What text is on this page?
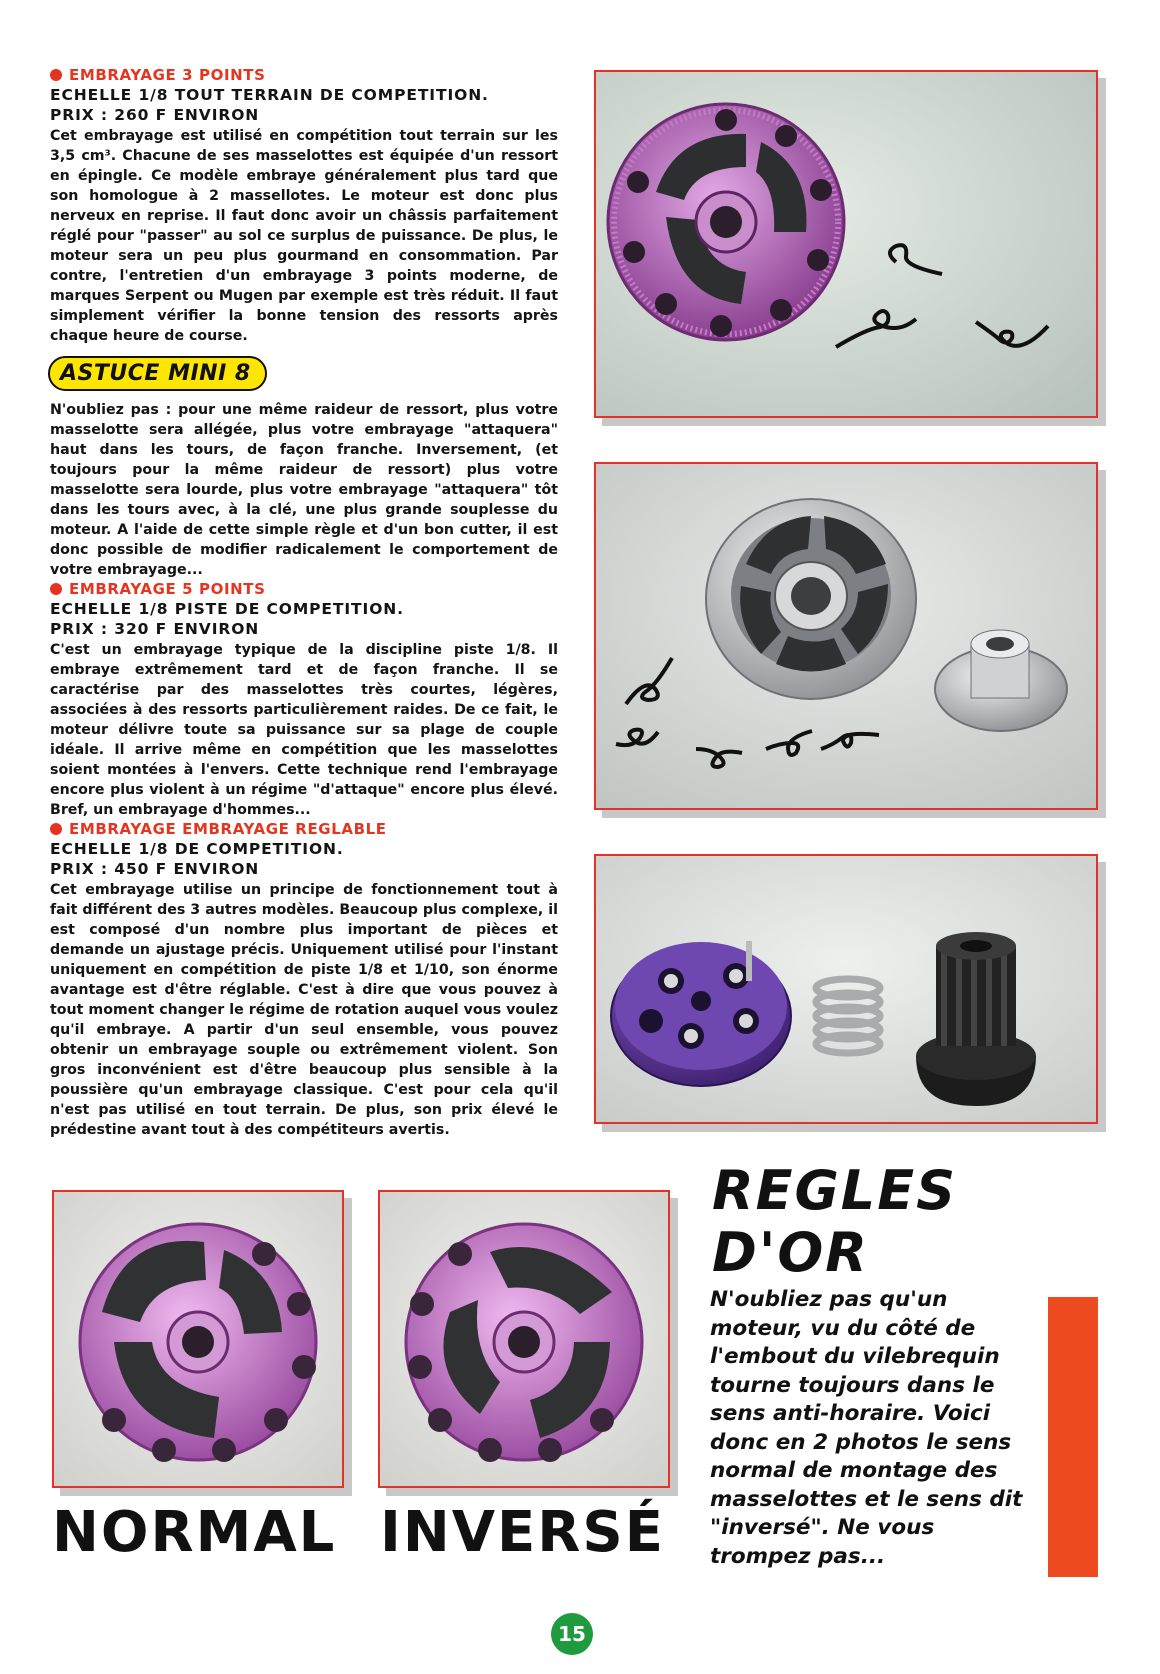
EMBRAYAGE 3 POINTS

ECHELLE 1/8 TOUT TERRAIN DE COMPETITION.

PRIX : 260 F ENVIRON

Cet embrayage est utilisé en compétition tout terrain sur les 3,5 cm³. Chacune de ses masselottes est équipée d'un ressort en épingle. Ce modèle embraye généralement plus tard que son homologue à 2 massellotes. Le moteur est donc plus nerveux en reprise. Il faut donc avoir un châssis parfaitement réglé pour "passer" au sol ce surplus de puissance. De plus, le moteur sera un peu plus gourmand en consommation. Par contre, l'entretien d'un embrayage 3 points moderne, de marques Serpent ou Mugen par exemple est très réduit. Il faut simplement vérifier la bonne tension des ressorts après chaque heure de course.

ASTUCE MINI 8

N'oubliez pas : pour une même raideur de ressort, plus votre masselotte sera allégée, plus votre embrayage "attaquera" haut dans les tours, de façon franche. Inversement, (et toujours pour la même raideur de ressort) plus votre masselotte sera lourde, plus votre embrayage "attaquera" tôt dans les tours avec, à la clé, une plus grande souplesse du moteur. A l'aide de cette simple règle et d'un bon cutter, il est donc possible de modifier radicalement le comportement de votre embrayage...

EMBRAYAGE 5 POINTS

ECHELLE 1/8 PISTE DE COMPETITION.

PRIX : 320 F ENVIRON

C'est un embrayage typique de la discipline piste 1/8. Il embraye extrêmement tard et de façon franche. Il se caractérise par des masselottes très courtes, légères, associées à des ressorts particulièrement raides. De ce fait, le moteur délivre toute sa puissance sur sa plage de couple idéale. Il arrive même en compétition que les masselottes soient montées à l'envers. Cette technique rend l'embrayage encore plus violent à un régime "d'attaque" encore plus élevé. Bref, un embrayage d'hommes...

EMBRAYAGE EMBRAYAGE REGLABLE

ECHELLE 1/8 DE COMPETITION.

PRIX : 450 F ENVIRON

Cet embrayage utilise un principe de fonctionnement tout à fait différent des 3 autres modèles. Beaucoup plus complexe, il est composé d'un nombre plus important de pièces et demande un ajustage précis. Uniquement utilisé pour l'instant uniquement en compétition de piste 1/8 et 1/10, son énorme avantage est d'être réglable. C'est à dire que vous pouvez à tout moment changer le régime de rotation auquel vous voulez qu'il embraye. A partir d'un seul ensemble, vous pouvez obtenir un embrayage souple ou extrêmement violent. Son gros inconvénient est d'être beaucoup plus sensible à la poussière qu'un embrayage classique. C'est pour cela qu'il n'est pas utilisé en tout terrain. De plus, son prix élevé le prédestine avant tout à des compétiteurs avertis.

REGLES
D'OR

N'oubliez pas qu'un moteur, vu du côté de l'embout du vilebrequin tourne toujours dans le sens anti-horaire. Voici donc en 2 photos le sens normal de montage des masselottes et le sens dit "inversé". Ne vous trompez pas...

NORMAL INVERSÉ

15
